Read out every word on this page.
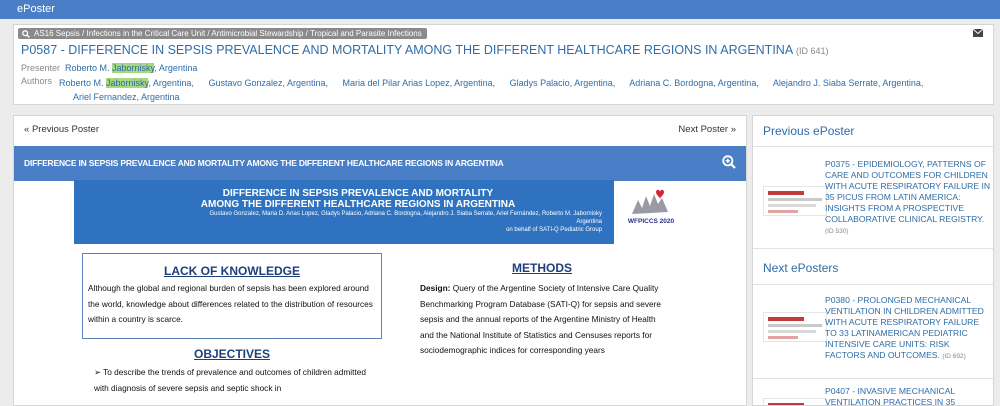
ePoster
AS16 Sepsis / Infections in the Critical Care Unit / Antimicrobial Stewardship / Tropical and Parasite Infections
P0587 - DIFFERENCE IN SEPSIS PREVALENCE AND MORTALITY AMONG THE DIFFERENT HEALTHCARE REGIONS IN ARGENTINA (ID 641)
Presenter Roberto M. Jabornisky, Argentina
Authors Roberto M. Jabornisky, Argentina, Gustavo Gonzalez, Argentina, Maria del Pilar Arias Lopez, Argentina, Gladys Palacio, Argentina, Adriana C. Bordogna, Argentina, Alejandro J. Siaba Serrate, Argentina,
Ariel Fernandez, Argentina
« Previous Poster	Next Poster »
DIFFERENCE IN SEPSIS PREVALENCE AND MORTALITY AMONG THE DIFFERENT HEALTHCARE REGIONS IN ARGENTINA
DIFFERENCE IN SEPSIS PREVALENCE AND MORTALITY
AMONG THE DIFFERENT HEALTHCARE REGIONS IN ARGENTINA
Gustavo Gonzalez, Maria D. Arias Lopez, Gladys Palacio, Adriana C. Bordogna, Alejandro J. Siaba Serrate, Ariel Fernández, Roberto M. Jabornisky
Argentina
on behalf of SATI-Q Pediatric Group
WFPICCS 2020
LACK OF KNOWLEDGE
Although the global and regional burden of sepsis has been explored around the world, knowledge about differences related to the distribution of resources within a country is scarce.
OBJECTIVES
➢ To describe the trends of prevalence and outcomes of children admitted with diagnosis of severe sepsis and septic shock in
METHODS
Design: Query of the Argentine Society of Intensive Care Quality Benchmarking Program Database (SATI-Q) for sepsis and severe sepsis and the annual reports of the Argentine Ministry of Health and the National Institute of Statistics and Censuses reports for sociodemographic indices for corresponding years
Previous ePoster
P0375 - EPIDEMIOLOGY, PATTERNS OF CARE AND OUTCOMES FOR CHILDREN WITH ACUTE RESPIRATORY FAILURE IN 35 PICUS FROM LATIN AMERICA: INSIGHTS FROM A PROSPECTIVE COLLABORATIVE CLINICAL REGISTRY. (ID 530)
Next ePosters
P0380 - PROLONGED MECHANICAL VENTILATION IN CHILDREN ADMITTED WITH ACUTE RESPIRATORY FAILURE TO 33 LATINAMERICAN PEDIATRIC INTENSIVE CARE UNITS: RISK FACTORS AND OUTCOMES. (ID 692)
P0407 - INVASIVE MECHANICAL VENTILATION PRACTICES IN 35
